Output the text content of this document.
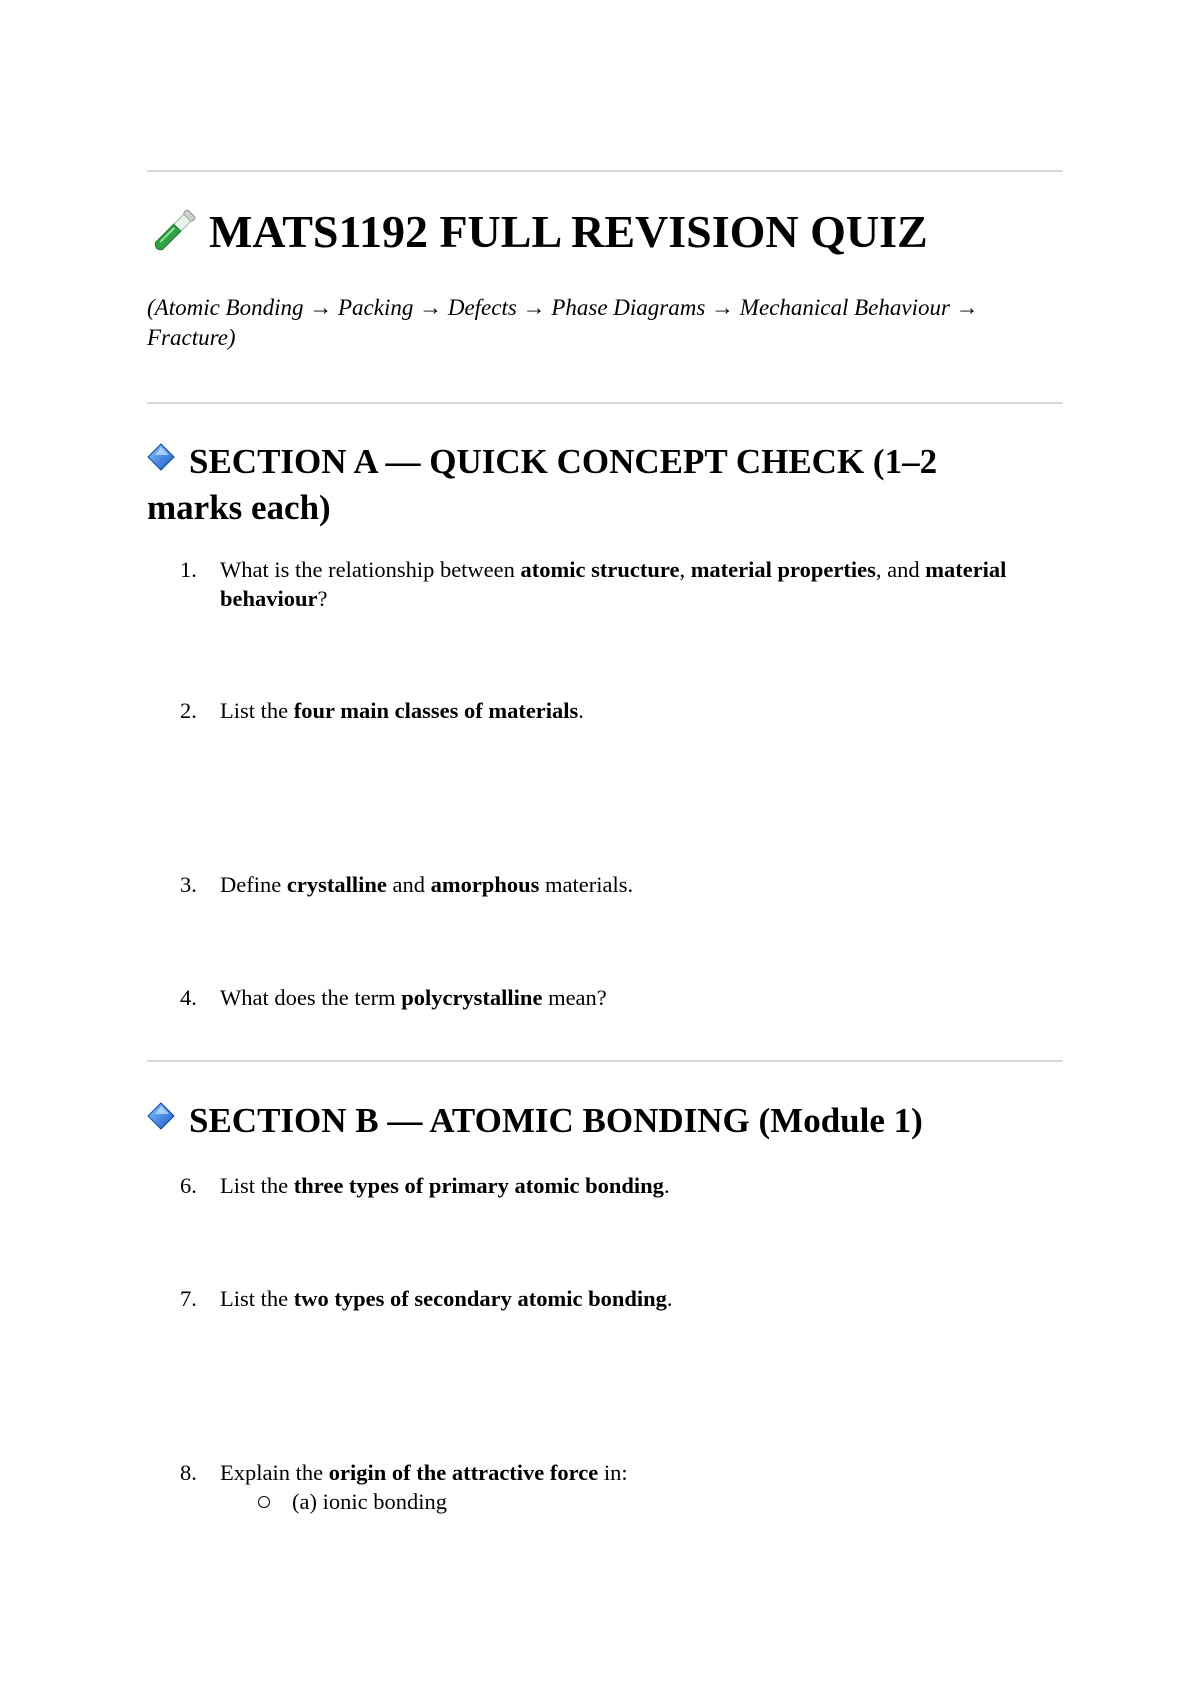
MATS1192 FULL REVISION QUIZ

(Atomic Bonding → Packing → Defects → Phase Diagrams → Mechanical Behaviour → Fracture)

SECTION A — QUICK CONCEPT CHECK (1–2 marks each)
1. What is the relationship between atomic structure, material properties, and material behaviour?
2. List the four main classes of materials.
3. Define crystalline and amorphous materials.
4. What does the term polycrystalline mean?
SECTION B — ATOMIC BONDING (Module 1)
6. List the three types of primary atomic bonding.
7. List the two types of secondary atomic bonding.
8. Explain the origin of the attractive force in:
(a) ionic bonding
